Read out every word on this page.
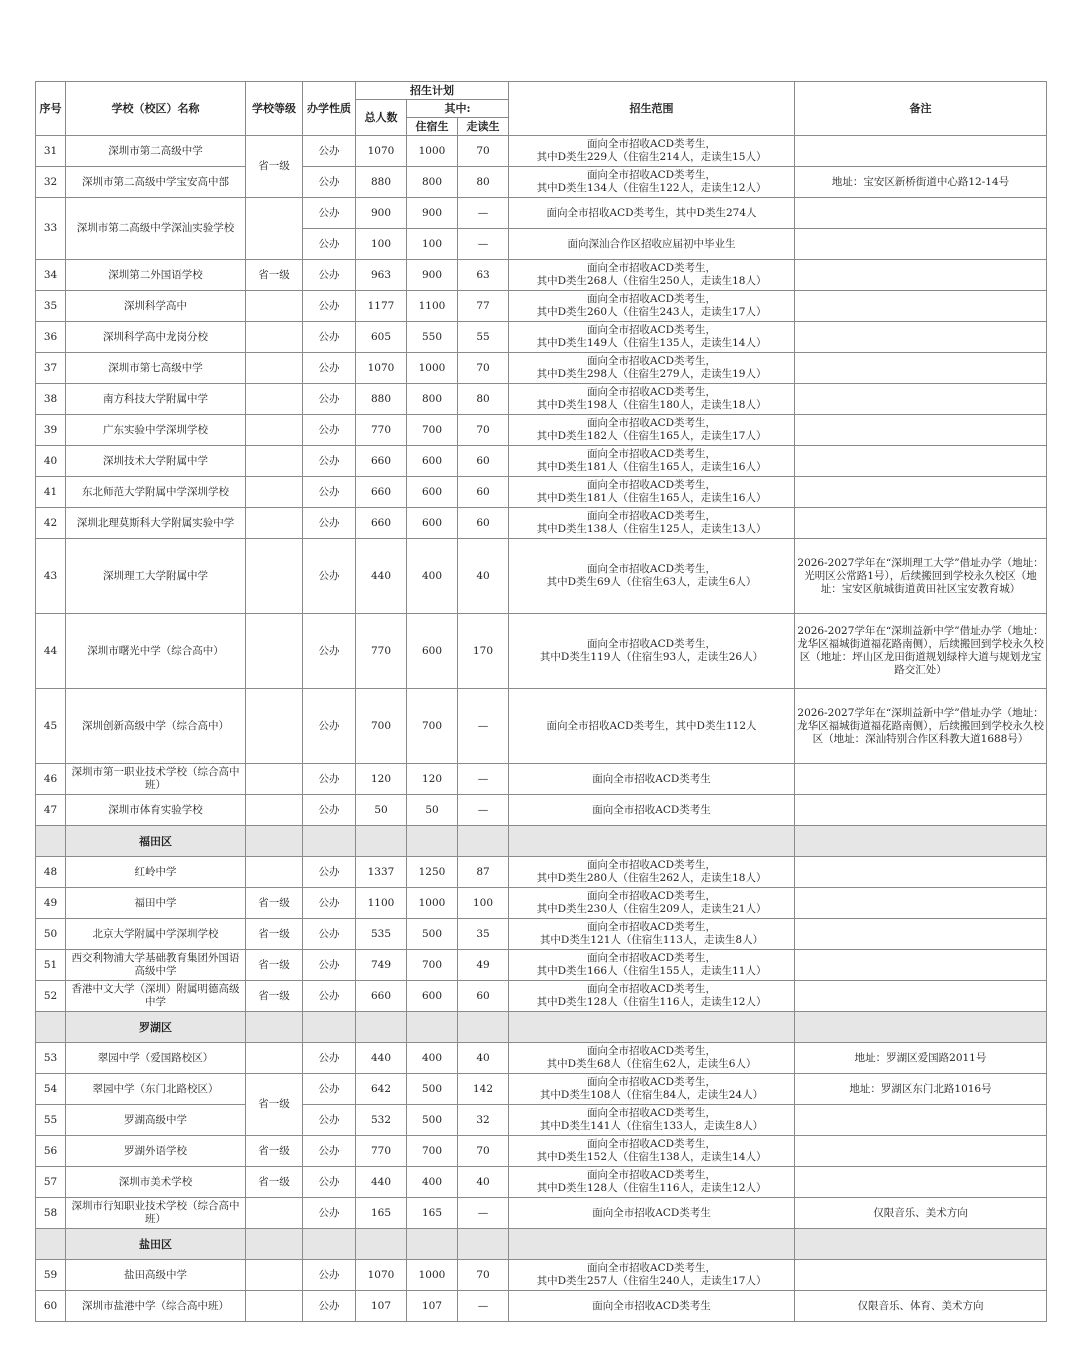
序号	学校（校区）名称	学校等级	办学性质	招生计划			招生范围	备注
				总人数	其中:			
					住宿生	走读生		
31	深圳市第二高级中学	省一级	公办	1070	1000	70	面向全市招收ACD类考生，
其中D类生229人（住宿生214人，走读生15人）	
32	深圳市第二高级中学宝安高中部		公办	880	800	80	面向全市招收ACD类考生，
其中D类生134人（住宿生122人，走读生12人）	地址：宝安区新桥街道中心路12-14号
33	深圳市第二高级中学深汕实验学校		公办	900	900	—	面向全市招收ACD类考生，其中D类生274人	
			公办	100	100	—	面向深汕合作区招收应届初中毕业生	
34	深圳第二外国语学校	省一级	公办	963	900	63	面向全市招收ACD类考生，
其中D类生268人（住宿生250人，走读生18人）	
35	深圳科学高中		公办	1177	1100	77	面向全市招收ACD类考生，
其中D类生260人（住宿生243人，走读生17人）	
36	深圳科学高中龙岗分校		公办	605	550	55	面向全市招收ACD类考生，
其中D类生149人（住宿生135人，走读生14人）	
37	深圳市第七高级中学		公办	1070	1000	70	面向全市招收ACD类考生，
其中D类生298人（住宿生279人，走读生19人）	
38	南方科技大学附属中学		公办	880	800	80	面向全市招收ACD类考生，
其中D类生198人（住宿生180人，走读生18人）	
39	广东实验中学深圳学校		公办	770	700	70	面向全市招收ACD类考生，
其中D类生182人（住宿生165人，走读生17人）	
40	深圳技术大学附属中学		公办	660	600	60	面向全市招收ACD类考生，
其中D类生181人（住宿生165人，走读生16人）	
41	东北师范大学附属中学深圳学校		公办	660	600	60	面向全市招收ACD类考生，
其中D类生181人（住宿生165人，走读生16人）	
42	深圳北理莫斯科大学附属实验中学		公办	660	600	60	面向全市招收ACD类考生，
其中D类生138人（住宿生125人，走读生13人）	
43	深圳理工大学附属中学		公办	440	400	40	面向全市招收ACD类考生，
其中D类生69人（住宿生63人，走读生6人）	2026-2027学年在“深圳理工大学”借址办学（地址：光明区公常路1号），后续搬回到学校永久校区（地址：宝安区航城街道黄田社区宝安教育城）
44	深圳市曙光中学（综合高中）		公办	770	600	170	面向全市招收ACD类考生，
其中D类生119人（住宿生93人，走读生26人）	2026-2027学年在“深圳益新中学”借址办学（地址：龙华区福城街道福花路南侧），后续搬回到学校永久校区（地址：坪山区龙田街道规划绿梓大道与规划龙宝路交汇处）
45	深圳创新高级中学（综合高中）		公办	700	700	—	面向全市招收ACD类考生，其中D类生112人	2026-2027学年在“深圳益新中学”借址办学（地址：龙华区福城街道福花路南侧），后续搬回到学校永久校区（地址：深汕特别合作区科教大道1688号）
46	深圳市第一职业技术学校（综合高中班）		公办	120	120	—	面向全市招收ACD类考生	
47	深圳市体育实验学校		公办	50	50	—	面向全市招收ACD类考生	
	福田区							
48	红岭中学		公办	1337	1250	87	面向全市招收ACD类考生，
其中D类生280人（住宿生262人，走读生18人）	
49	福田中学	省一级	公办	1100	1000	100	面向全市招收ACD类考生，
其中D类生230人（住宿生209人，走读生21人）	
50	北京大学附属中学深圳学校	省一级	公办	535	500	35	面向全市招收ACD类考生，
其中D类生121人（住宿生113人，走读生8人）	
51	西交利物浦大学基础教育集团外国语高级中学	省一级	公办	749	700	49	面向全市招收ACD类考生，
其中D类生166人（住宿生155人，走读生11人）	
52	香港中文大学（深圳）附属明德高级中学	省一级	公办	660	600	60	面向全市招收ACD类考生，
其中D类生128人（住宿生116人，走读生12人）	
	罗湖区							
53	翠园中学（爱国路校区）		公办	440	400	40	面向全市招收ACD类考生，
其中D类生68人（住宿生62人，走读生6人）	地址：罗湖区爱国路2011号
54	翠园中学（东门北路校区）	省一级	公办	642	500	142	面向全市招收ACD类考生，
其中D类生108人（住宿生84人，走读生24人）	地址：罗湖区东门北路1016号
55	罗湖高级中学		公办	532	500	32	面向全市招收ACD类考生，
其中D类生141人（住宿生133人，走读生8人）	
56	罗湖外语学校	省一级	公办	770	700	70	面向全市招收ACD类考生，
其中D类生152人（住宿生138人，走读生14人）	
57	深圳市美术学校	省一级	公办	440	400	40	面向全市招收ACD类考生，
其中D类生128人（住宿生116人，走读生12人）	
58	深圳市行知职业技术学校（综合高中班）		公办	165	165	—	面向全市招收ACD类考生	仅限音乐、美术方向
	盐田区							
59	盐田高级中学		公办	1070	1000	70	面向全市招收ACD类考生，
其中D类生257人（住宿生240人，走读生17人）	
60	深圳市盐港中学（综合高中班）		公办	107	107	—	面向全市招收ACD类考生	仅限音乐、体育、美术方向
